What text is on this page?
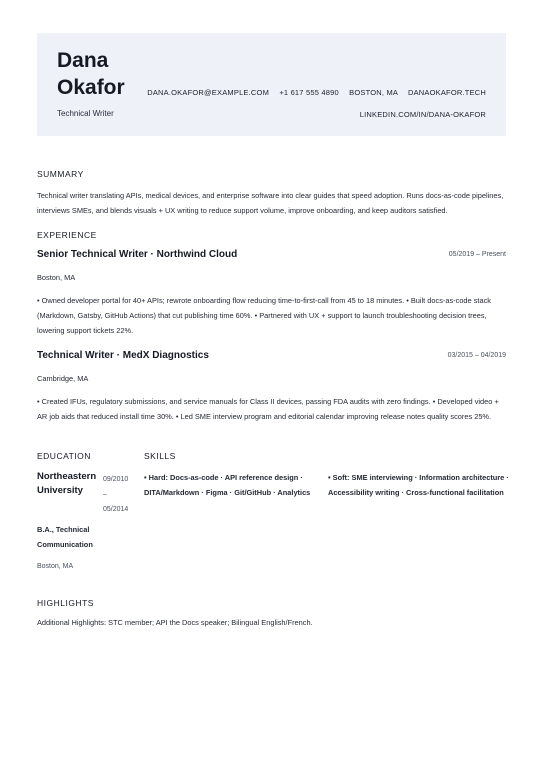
Dana
Okafor
Technical Writer
DANA.OKAFOR@EXAMPLE.COM +1 617 555 4890 BOSTON, MA DANAOKAFOR.TECH
LINKEDIN.COM/IN/DANA-OKAFOR
SUMMARY
Technical writer translating APIs, medical devices, and enterprise software into clear guides that speed adoption. Runs docs-as-code pipelines, interviews SMEs, and blends visuals + UX writing to reduce support volume, improve onboarding, and keep auditors satisfied.
EXPERIENCE
Senior Technical Writer · Northwind Cloud	05/2019 – Present
Boston, MA
• Owned developer portal for 40+ APIs; rewrote onboarding flow reducing time-to-first-call from 45 to 18 minutes. • Built docs-as-code stack (Markdown, Gatsby, GitHub Actions) that cut publishing time 60%. • Partnered with UX + support to launch troubleshooting decision trees, lowering support tickets 22%.
Technical Writer · MedX Diagnostics	03/2015 – 04/2019
Cambridge, MA
• Created IFUs, regulatory submissions, and service manuals for Class II devices, passing FDA audits with zero findings. • Developed video + AR job aids that reduced install time 30%. • Led SME interview program and editorial calendar improving release notes quality scores 25%.
EDUCATION	SKILLS
Northeastern University
09/2010
–
05/2014
B.A., Technical Communication
Boston, MA
• Hard: Docs-as-code · API reference design · DITA/Markdown · Figma · Git/GitHub · Analytics
• Soft: SME interviewing · Information architecture · Accessibility writing · Cross-functional facilitation
HIGHLIGHTS
Additional Highlights: STC member; API the Docs speaker; Bilingual English/French.
